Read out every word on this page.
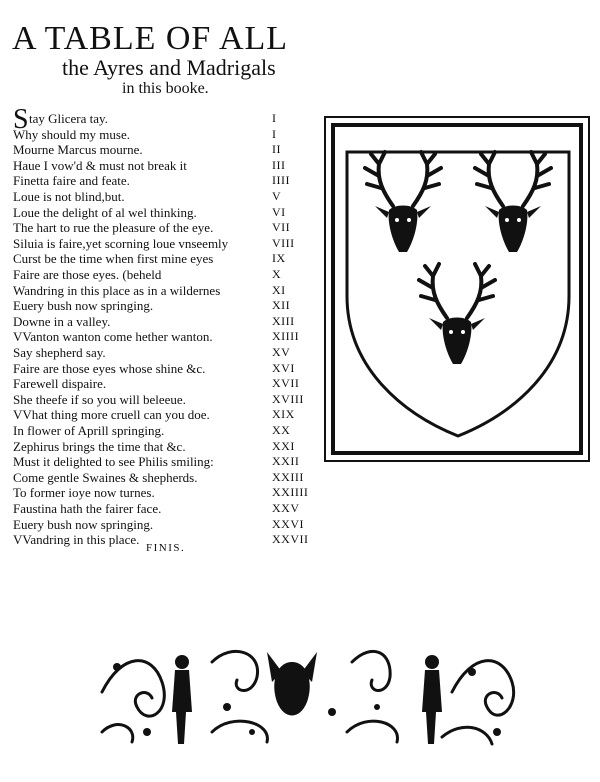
A TABLE OF ALL
the Ayres and Madrigals
in this booke.
S tay Glicera tay.	I
Why should my muse.	I
Mourne Marcus mourne.	II
Haue I vow'd & must not break it	III
Finetta faire and feate.	IIII
Loue is not blind,but.	V
Loue the delight of al wel thinking.	VI
The hart to rue the pleasure of the eye.	VII
Siluia is faire,yet scorning loue vnseemly	VIII
Curst be the time when first mine eyes	IX
Faire are those eyes. (beheld	X
Wandring in this place as in a wildernes	XI
Euery bush now springing.	XII
Downe in a valley.	XIII
VVanton wanton come hether wanton.	XIIII
Say shepherd say.	XV
Faire are those eyes whose shine &c.	XVI
Farewell dispaire.	XVII
She theefe if so you will beleeue.	XVIII
VVhat thing more cruell can you doe.	XIX
In flower of Aprill springing.	XX
Zephirus brings the time that &c.	XXI
Must it delighted to see Philis smiling:	XXII
Come gentle Swaines & shepherds.	XXIII
To former ioye now turnes.	XXIIII
Faustina hath the fairer face.	XXV
Euery bush now springing.	XXVI
VVandring in this place.	XXVII
FINIS.
